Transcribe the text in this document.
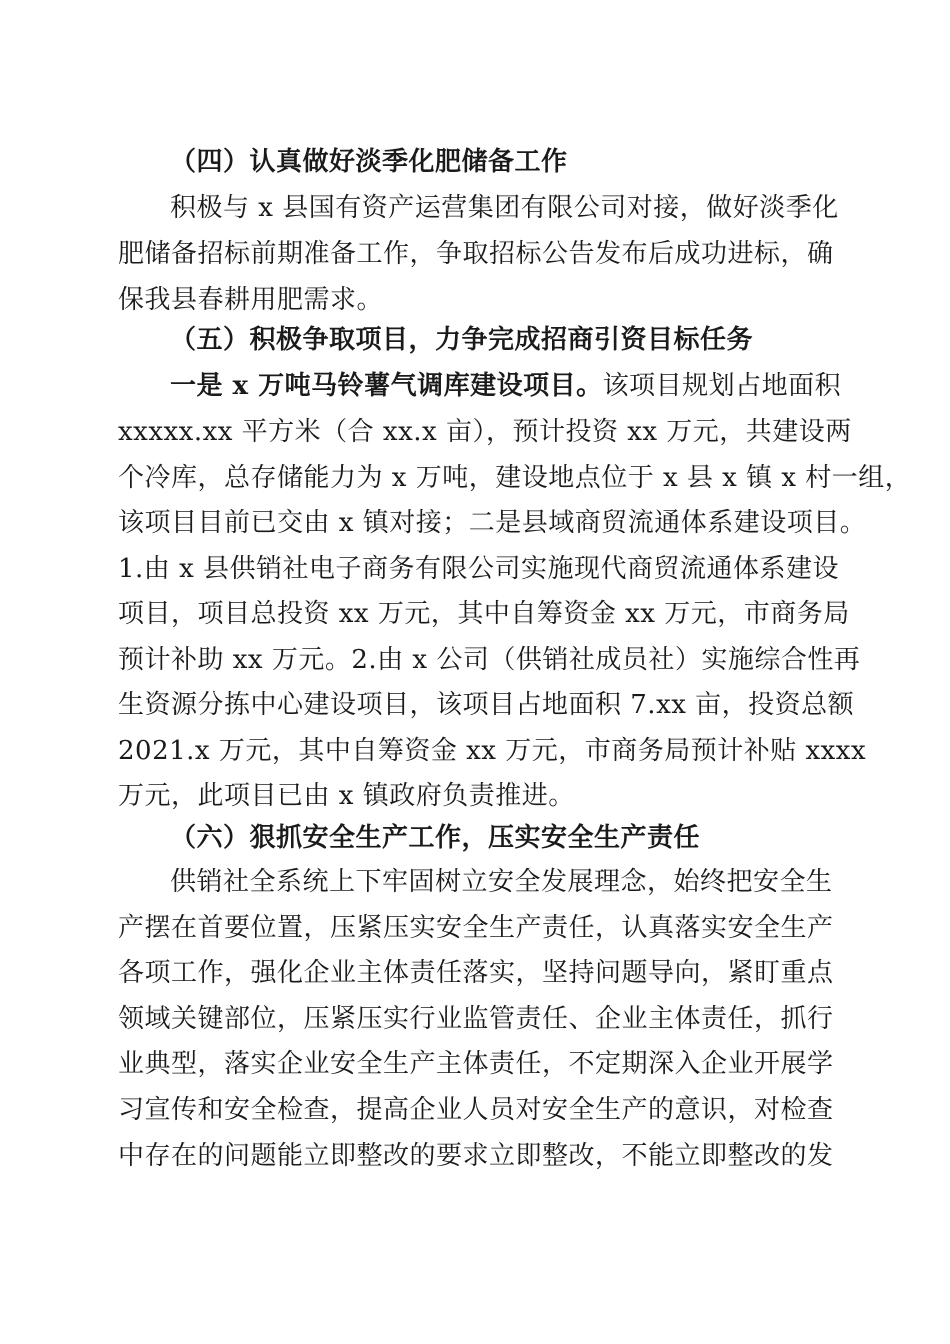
（四）认真做好淡季化肥储备工作
积极与 x 县国有资产运营集团有限公司对接，做好淡季化
肥储备招标前期准备工作，争取招标公告发布后成功进标，确
保我县春耕用肥需求。
（五）积极争取项目，力争完成招商引资目标任务
一是 x 万吨马铃薯气调库建设项目。该项目规划占地面积
xxxxx.xx 平方米（合 xx.x 亩），预计投资 xx 万元，共建设两
个冷库，总存储能力为 x 万吨，建设地点位于 x 县 x 镇 x 村一组，
该项目目前已交由 x 镇对接；二是县域商贸流通体系建设项目。
1.由 x 县供销社电子商务有限公司实施现代商贸流通体系建设
项目，项目总投资 xx 万元，其中自筹资金 xx 万元，市商务局
预计补助 xx 万元。2.由 x 公司（供销社成员社）实施综合性再
生资源分拣中心建设项目，该项目占地面积 7.xx 亩，投资总额
2021.x 万元，其中自筹资金 xx 万元，市商务局预计补贴 xxxx
万元，此项目已由 x 镇政府负责推进。
（六）狠抓安全生产工作，压实安全生产责任
供销社全系统上下牢固树立安全发展理念，始终把安全生
产摆在首要位置，压紧压实安全生产责任，认真落实安全生产
各项工作，强化企业主体责任落实，坚持问题导向，紧盯重点
领域关键部位，压紧压实行业监管责任、企业主体责任，抓行
业典型，落实企业安全生产主体责任，不定期深入企业开展学
习宣传和安全检查，提高企业人员对安全生产的意识，对检查
中存在的问题能立即整改的要求立即整改，不能立即整改的发
